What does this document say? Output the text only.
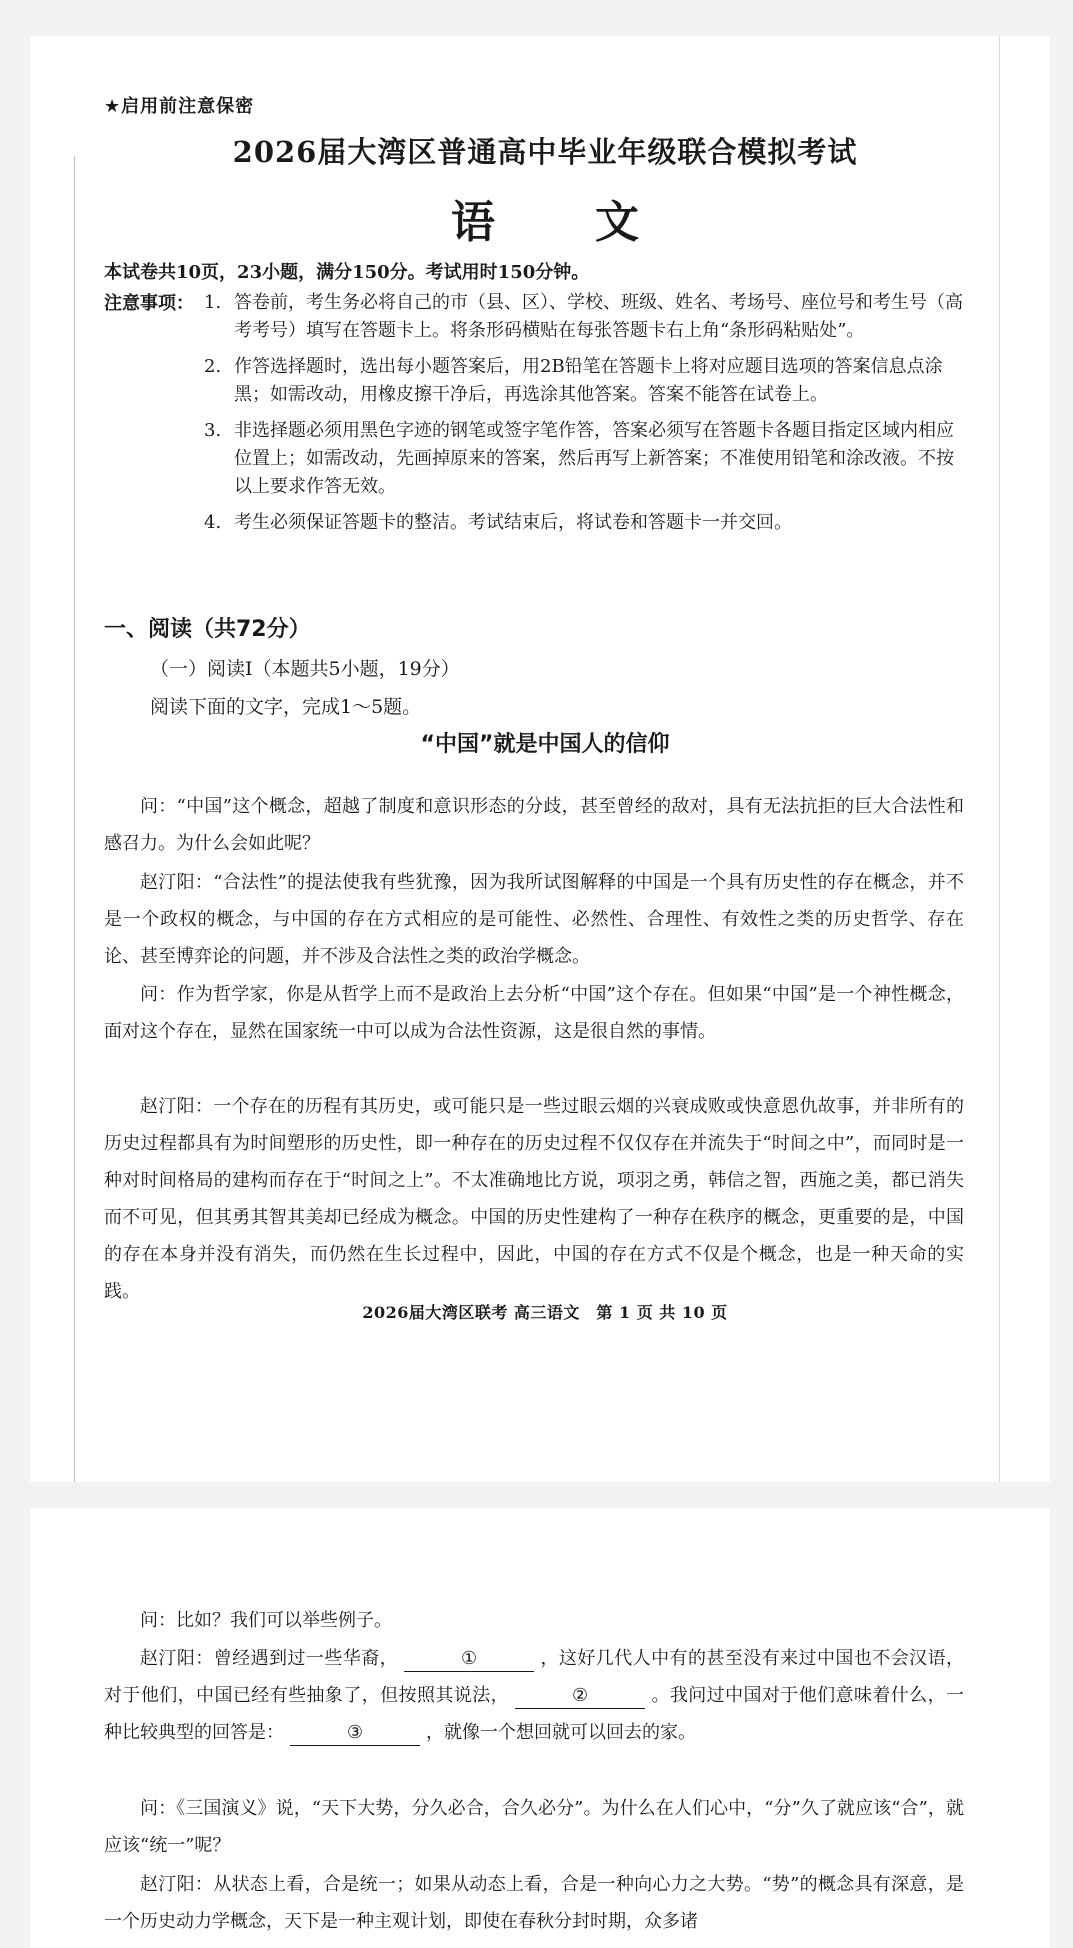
★启用前注意保密

2026届大湾区普通高中毕业年级联合模拟考试

语　文

本试卷共10页，23小题，满分150分。考试用时150分钟。

注意事项： 1. 答卷前，考生务必将自己的市（县、区）、学校、班级、姓名、考场号、座位号和考生号（高考考号）填写在答题卡上。将条形码横贴在每张答题卡右上角“条形码粘贴处”。
2. 作答选择题时，选出每小题答案后，用2B铅笔在答题卡上将对应题目选项的答案信息点涂黑；如需改动，用橡皮擦干净后，再选涂其他答案。答案不能答在试卷上。
3. 非选择题必须用黑色字迹的钢笔或签字笔作答，答案必须写在答题卡各题目指定区域内相应位置上；如需改动，先画掉原来的答案，然后再写上新答案；不准使用铅笔和涂改液。不按以上要求作答无效。
4. 考生必须保证答题卡的整洁。考试结束后，将试卷和答题卡一并交回。

一、阅读（共72分）

（一）阅读I（本题共5小题，19分）

阅读下面的文字，完成1～5题。

“中国”就是中国人的信仰

问：“中国”这个概念，超越了制度和意识形态的分歧，甚至曾经的敌对，具有无法抗拒的巨大合法性和感召力。为什么会如此呢？

赵汀阳：“合法性”的提法使我有些犹豫，因为我所试图解释的中国是一个具有历史性的存在概念，并不是一个政权的概念，与中国的存在方式相应的是可能性、必然性、合理性、有效性之类的历史哲学、存在论、甚至博弈论的问题，并不涉及合法性之类的政治学概念。

问：作为哲学家，你是从哲学上而不是政治上去分析“中国”这个存在。但如果“中国”是一个神性概念，面对这个存在，显然在国家统一中可以成为合法性资源，这是很自然的事情。

赵汀阳：一个存在的历程有其历史，或可能只是一些过眼云烟的兴衰成败或快意恩仇故事，并非所有的历史过程都具有为时间塑形的历史性，即一种存在的历史过程不仅仅存在并流失于“时间之中”，而同时是一种对时间格局的建构而存在于“时间之上”。不太准确地比方说，项羽之勇，韩信之智，西施之美，都已消失而不可见，但其勇其智其美却已经成为概念。中国的历史性建构了一种存在秩序的概念，更重要的是，中国的存在本身并没有消失，而仍然在生长过程中，因此，中国的存在方式不仅是个概念，也是一种天命的实践。

2026届大湾区联考 高三语文　第 1 页 共 10 页

问：比如？我们可以举些例子。

赵汀阳：曾经遇到过一些华裔，	①	，这好几代人中有的甚至没有来过中国也不会汉语，对于他们，中国已经有些抽象了，但按照其说法，	②	。我问过中国对于他们意味着什么，一种比较典型的回答是：	③	，就像一个想回就可以回去的家。

问：《三国演义》说，“天下大势，分久必合，合久必分”。为什么在人们心中，“分”久了就应该“合”，就应该“统一”呢？

赵汀阳：从状态上看，合是统一；如果从动态上看，合是一种向心力之大势。“势”的概念具有深意，是一个历史动力学概念，天下是一种主观计划，即使在春秋分封时期，众多诸
